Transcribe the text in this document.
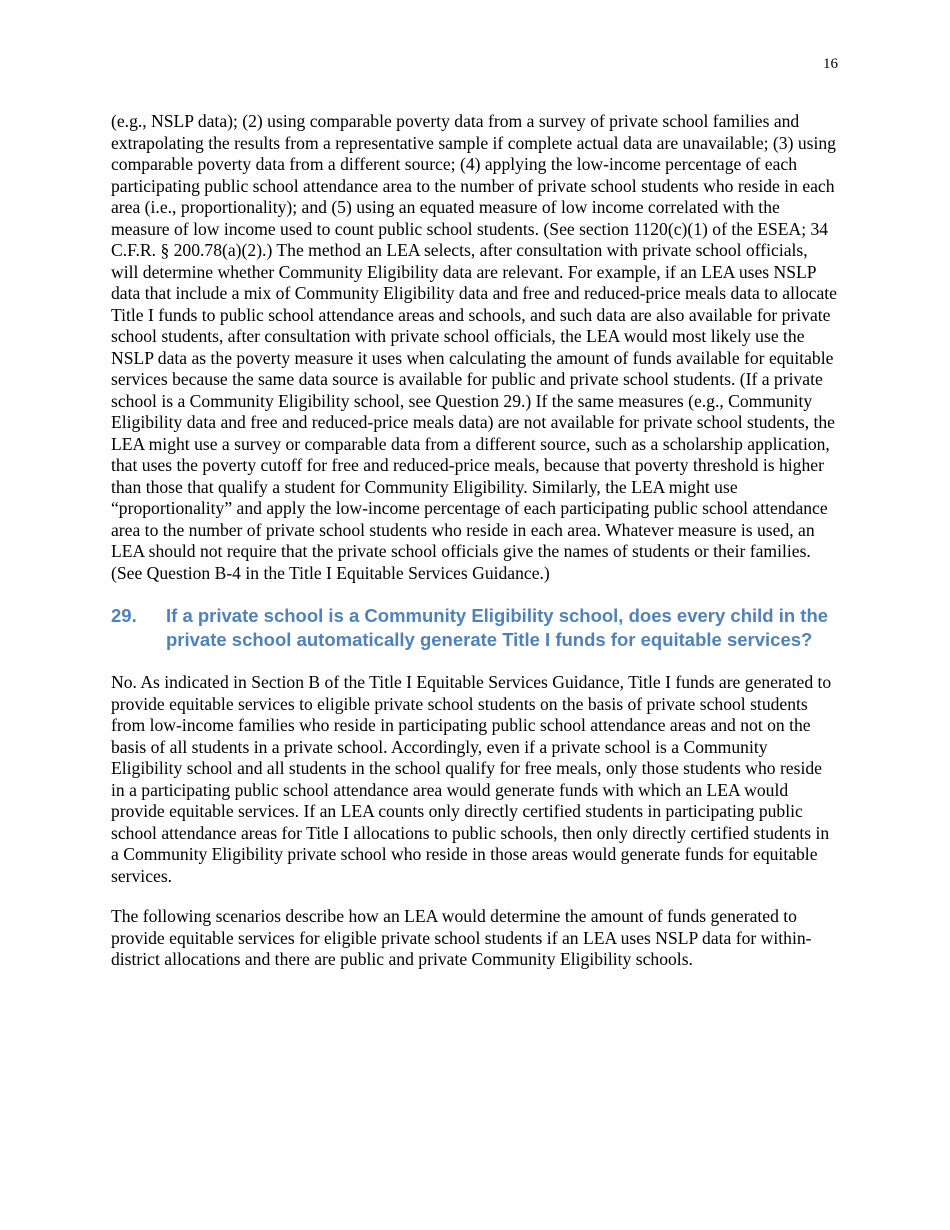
16

(e.g., NSLP data); (2) using comparable poverty data from a survey of private school families and extrapolating the results from a representative sample if complete actual data are unavailable; (3) using comparable poverty data from a different source; (4) applying the low-income percentage of each participating public school attendance area to the number of private school students who reside in each area (i.e., proportionality); and (5) using an equated measure of low income correlated with the measure of low income used to count public school students. (See section 1120(c)(1) of the ESEA; 34 C.F.R. § 200.78(a)(2).) The method an LEA selects, after consultation with private school officials, will determine whether Community Eligibility data are relevant. For example, if an LEA uses NSLP data that include a mix of Community Eligibility data and free and reduced-price meals data to allocate Title I funds to public school attendance areas and schools, and such data are also available for private school students, after consultation with private school officials, the LEA would most likely use the NSLP data as the poverty measure it uses when calculating the amount of funds available for equitable services because the same data source is available for public and private school students. (If a private school is a Community Eligibility school, see Question 29.) If the same measures (e.g., Community Eligibility data and free and reduced-price meals data) are not available for private school students, the LEA might use a survey or comparable data from a different source, such as a scholarship application, that uses the poverty cutoff for free and reduced-price meals, because that poverty threshold is higher than those that qualify a student for Community Eligibility. Similarly, the LEA might use “proportionality” and apply the low-income percentage of each participating public school attendance area to the number of private school students who reside in each area. Whatever measure is used, an LEA should not require that the private school officials give the names of students or their families. (See Question B-4 in the Title I Equitable Services Guidance.)

29.	If a private school is a Community Eligibility school, does every child in the private school automatically generate Title I funds for equitable services?

No. As indicated in Section B of the Title I Equitable Services Guidance, Title I funds are generated to provide equitable services to eligible private school students on the basis of private school students from low-income families who reside in participating public school attendance areas and not on the basis of all students in a private school. Accordingly, even if a private school is a Community Eligibility school and all students in the school qualify for free meals, only those students who reside in a participating public school attendance area would generate funds with which an LEA would provide equitable services. If an LEA counts only directly certified students in participating public school attendance areas for Title I allocations to public schools, then only directly certified students in a Community Eligibility private school who reside in those areas would generate funds for equitable services.

The following scenarios describe how an LEA would determine the amount of funds generated to provide equitable services for eligible private school students if an LEA uses NSLP data for within-district allocations and there are public and private Community Eligibility schools.
